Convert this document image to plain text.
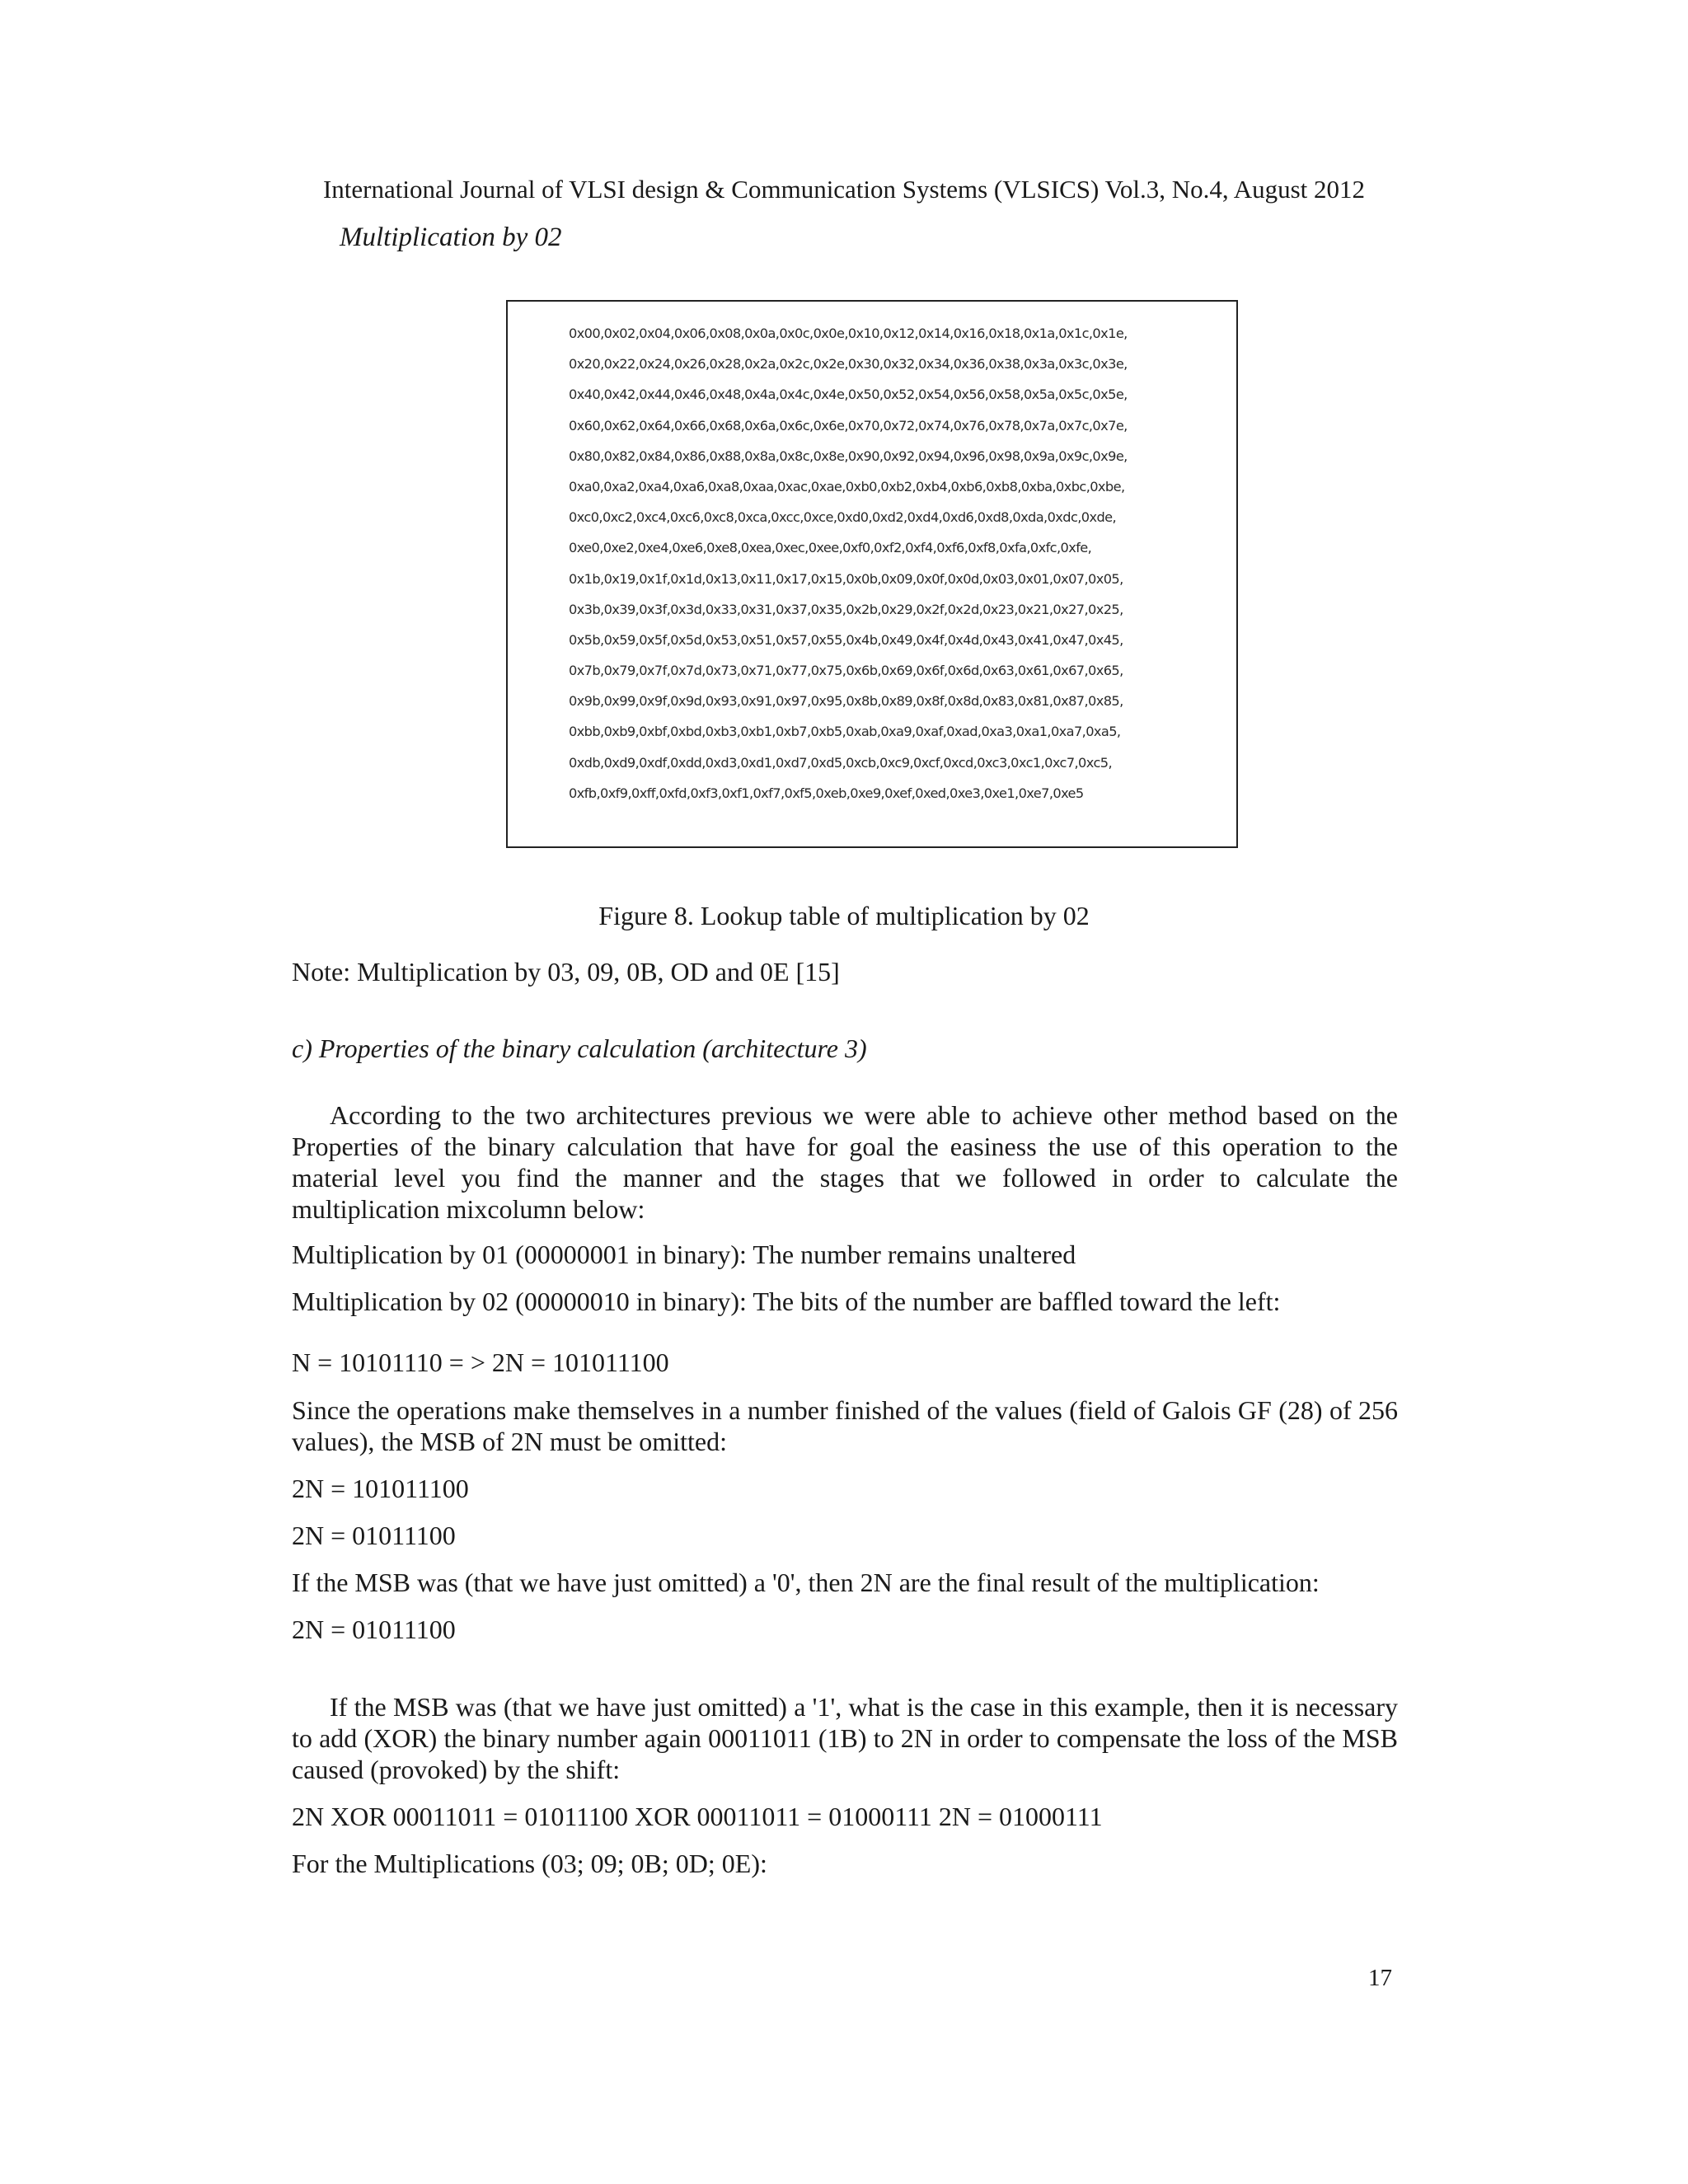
International Journal of VLSI design & Communication Systems (VLSICS) Vol.3, No.4, August 2012
Multiplication by 02
0x00,0x02,0x04,0x06,0x08,0x0a,0x0c,0x0e,0x10,0x12,0x14,0x16,0x18,0x1a,0x1c,0x1e,
0x20,0x22,0x24,0x26,0x28,0x2a,0x2c,0x2e,0x30,0x32,0x34,0x36,0x38,0x3a,0x3c,0x3e,
0x40,0x42,0x44,0x46,0x48,0x4a,0x4c,0x4e,0x50,0x52,0x54,0x56,0x58,0x5a,0x5c,0x5e,
0x60,0x62,0x64,0x66,0x68,0x6a,0x6c,0x6e,0x70,0x72,0x74,0x76,0x78,0x7a,0x7c,0x7e,
0x80,0x82,0x84,0x86,0x88,0x8a,0x8c,0x8e,0x90,0x92,0x94,0x96,0x98,0x9a,0x9c,0x9e,
0xa0,0xa2,0xa4,0xa6,0xa8,0xaa,0xac,0xae,0xb0,0xb2,0xb4,0xb6,0xb8,0xba,0xbc,0xbe,
0xc0,0xc2,0xc4,0xc6,0xc8,0xca,0xcc,0xce,0xd0,0xd2,0xd4,0xd6,0xd8,0xda,0xdc,0xde,
0xe0,0xe2,0xe4,0xe6,0xe8,0xea,0xec,0xee,0xf0,0xf2,0xf4,0xf6,0xf8,0xfa,0xfc,0xfe,
0x1b,0x19,0x1f,0x1d,0x13,0x11,0x17,0x15,0x0b,0x09,0x0f,0x0d,0x03,0x01,0x07,0x05,
0x3b,0x39,0x3f,0x3d,0x33,0x31,0x37,0x35,0x2b,0x29,0x2f,0x2d,0x23,0x21,0x27,0x25,
0x5b,0x59,0x5f,0x5d,0x53,0x51,0x57,0x55,0x4b,0x49,0x4f,0x4d,0x43,0x41,0x47,0x45,
0x7b,0x79,0x7f,0x7d,0x73,0x71,0x77,0x75,0x6b,0x69,0x6f,0x6d,0x63,0x61,0x67,0x65,
0x9b,0x99,0x9f,0x9d,0x93,0x91,0x97,0x95,0x8b,0x89,0x8f,0x8d,0x83,0x81,0x87,0x85,
0xbb,0xb9,0xbf,0xbd,0xb3,0xb1,0xb7,0xb5,0xab,0xa9,0xaf,0xad,0xa3,0xa1,0xa7,0xa5,
0xdb,0xd9,0xdf,0xdd,0xd3,0xd1,0xd7,0xd5,0xcb,0xc9,0xcf,0xcd,0xc3,0xc1,0xc7,0xc5,
0xfb,0xf9,0xff,0xfd,0xf3,0xf1,0xf7,0xf5,0xeb,0xe9,0xef,0xed,0xe3,0xe1,0xe7,0xe5
Figure 8. Lookup table of multiplication by 02
Note: Multiplication by 03, 09, 0B, OD and 0E [15]
c) Properties of the binary calculation (architecture 3)
According to the two architectures previous we were able to achieve other method based on the Properties of the binary calculation that have for goal the easiness the use of this operation to the material level you find the manner and the stages that we followed in order to calculate the multiplication mixcolumn below:
Multiplication by 01 (00000001 in binary): The number remains unaltered
Multiplication by 02 (00000010 in binary): The bits of the number are baffled toward the left:
N = 10101110 = > 2N = 101011100
Since the operations make themselves in a number finished of the values (field of Galois GF (28) of 256 values), the MSB of 2N must be omitted:
2N = 101011100
2N = 01011100
If the MSB was (that we have just omitted) a '0', then 2N are the final result of the multiplication:
2N = 01011100
If the MSB was (that we have just omitted) a '1', what is the case in this example, then it is necessary to add (XOR) the binary number again 00011011 (1B) to 2N in order to compensate the loss of the MSB caused (provoked) by the shift:
2N XOR 00011011 = 01011100 XOR 00011011 = 01000111 2N = 01000111
For the Multiplications (03; 09; 0B; 0D; 0E):
17
